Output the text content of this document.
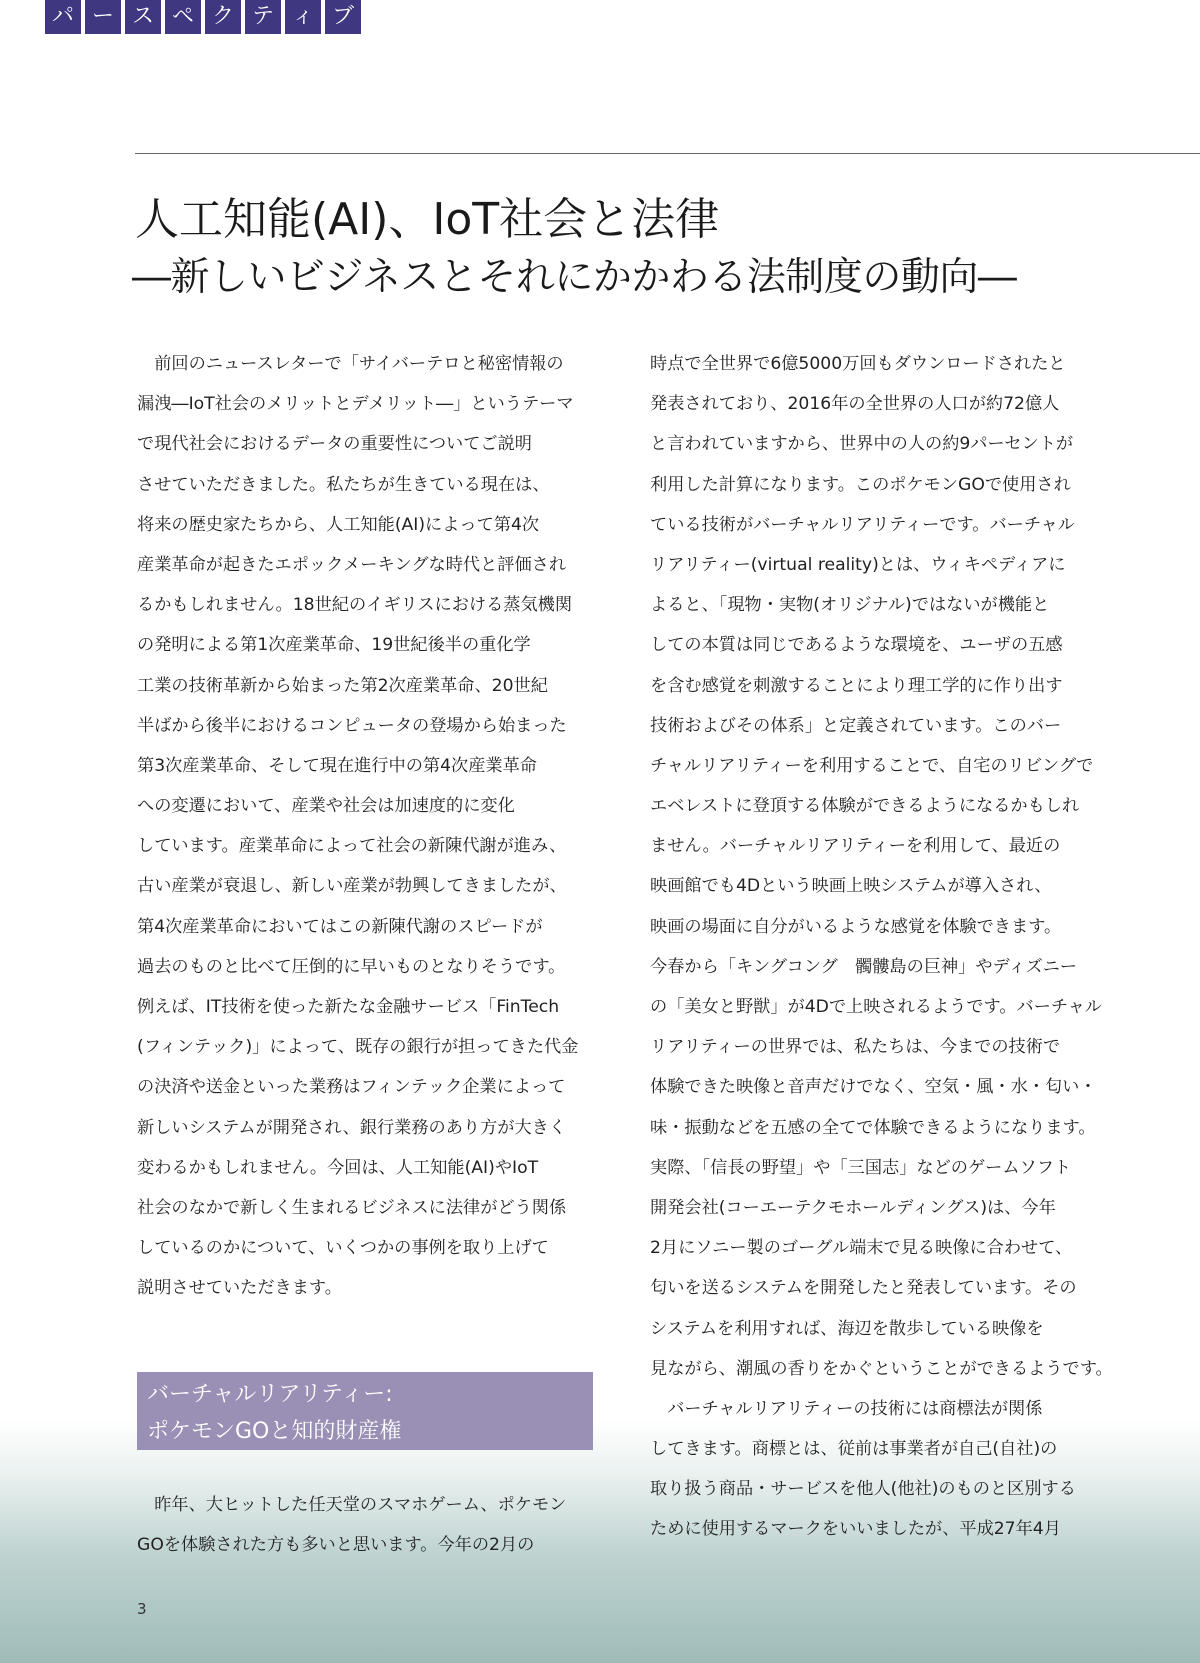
パ ー ス ペ ク テ ィ ブ
人工知能(AI)、IoT社会と法律
―新しいビジネスとそれにかかわる法制度の動向―
　前回のニュースレターで「サイバーテロと秘密情報の
漏洩―IoT社会のメリットとデメリット―」というテーマ
で現代社会におけるデータの重要性についてご説明
させていただきました。私たちが生きている現在は、
将来の歴史家たちから、人工知能(AI)によって第4次
産業革命が起きたエポックメーキングな時代と評価され
るかもしれません。18世紀のイギリスにおける蒸気機関
の発明による第1次産業革命、19世紀後半の重化学
工業の技術革新から始まった第2次産業革命、20世紀
半ばから後半におけるコンピュータの登場から始まった
第3次産業革命、そして現在進行中の第4次産業革命
への変遷において、産業や社会は加速度的に変化
しています。産業革命によって社会の新陳代謝が進み、
古い産業が衰退し、新しい産業が勃興してきましたが、
第4次産業革命においてはこの新陳代謝のスピードが
過去のものと比べて圧倒的に早いものとなりそうです。
例えば、IT技術を使った新たな金融サービス「FinTech
(フィンテック)」によって、既存の銀行が担ってきた代金
の決済や送金といった業務はフィンテック企業によって
新しいシステムが開発され、銀行業務のあり方が大きく
変わるかもしれません。今回は、人工知能(AI)やIoT
社会のなかで新しく生まれるビジネスに法律がどう関係
しているのかについて、いくつかの事例を取り上げて
説明させていただきます。
バーチャルリアリティー:
ポケモンGOと知的財産権
　昨年、大ヒットした任天堂のスマホゲーム、ポケモン
GOを体験された方も多いと思います。今年の2月の
時点で全世界で6億5000万回もダウンロードされたと
発表されており、2016年の全世界の人口が約72億人
と言われていますから、世界中の人の約9パーセントが
利用した計算になります。このポケモンGOで使用され
ている技術がバーチャルリアリティーです。バーチャル
リアリティー(virtual reality)とは、ウィキペディアに
よると、「現物・実物(オリジナル)ではないが機能と
しての本質は同じであるような環境を、ユーザの五感
を含む感覚を刺激することにより理工学的に作り出す
技術およびその体系」と定義されています。このバー
チャルリアリティーを利用することで、自宅のリビングで
エベレストに登頂する体験ができるようになるかもしれ
ません。バーチャルリアリティーを利用して、最近の
映画館でも4Dという映画上映システムが導入され、
映画の場面に自分がいるような感覚を体験できます。
今春から「キングコング　髑髏島の巨神」やディズニー
の「美女と野獣」が4Dで上映されるようです。バーチャル
リアリティーの世界では、私たちは、今までの技術で
体験できた映像と音声だけでなく、空気・風・水・匂い・
味・振動などを五感の全てで体験できるようになります。
実際、「信長の野望」や「三国志」などのゲームソフト
開発会社(コーエーテクモホールディングス)は、今年
2月にソニー製のゴーグル端末で見る映像に合わせて、
匂いを送るシステムを開発したと発表しています。その
システムを利用すれば、海辺を散歩している映像を
見ながら、潮風の香りをかぐということができるようです。
　バーチャルリアリティーの技術には商標法が関係
してきます。商標とは、従前は事業者が自己(自社)の
取り扱う商品・サービスを他人(他社)のものと区別する
ために使用するマークをいいましたが、平成27年4月
3
